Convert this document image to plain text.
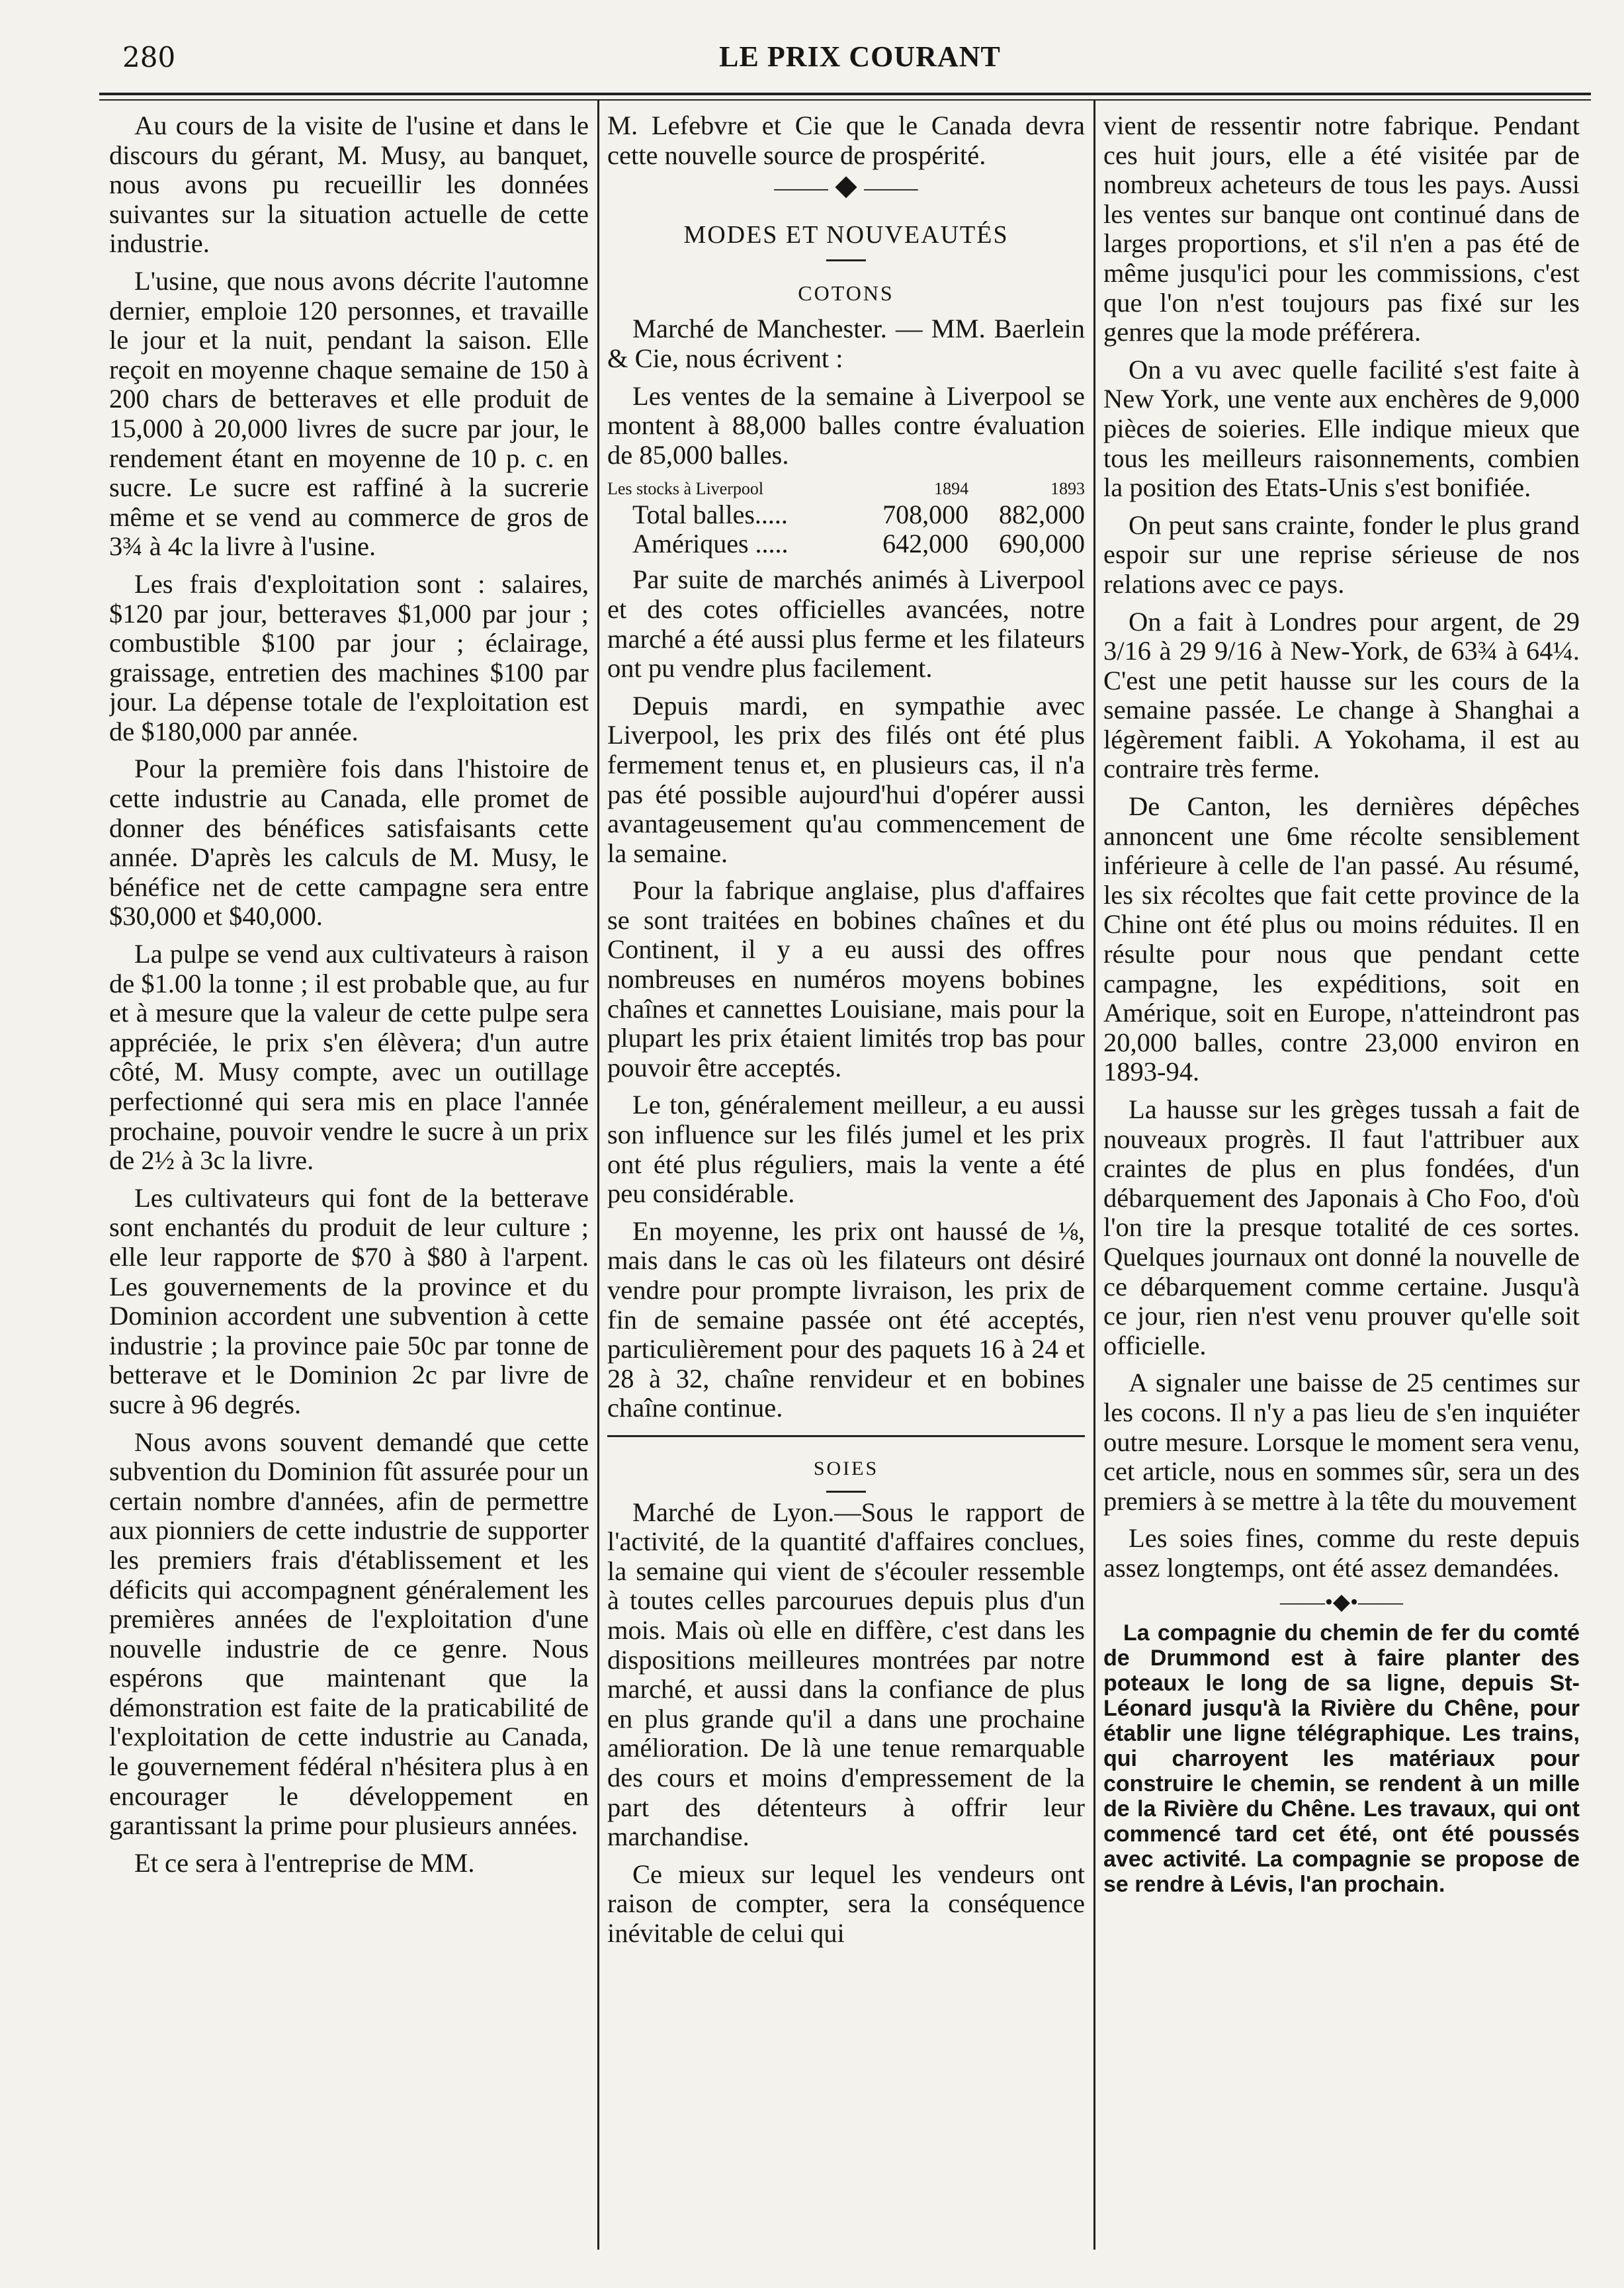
280	LE PRIX COURANT

Au cours de la visite de l'usine et dans le discours du gérant, M. Musy, au banquet, nous avons pu recueillir les données suivantes sur la situation actuelle de cette industrie.

L'usine, que nous avons décrite l'automne dernier, emploie 120 personnes, et travaille le jour et la nuit, pendant la saison. Elle reçoit en moyenne chaque semaine de 150 à 200 chars de betteraves et elle produit de 15,000 à 20,000 livres de sucre par jour, le rendement étant en moyenne de 10 p. c. en sucre. Le sucre est raffiné à la sucrerie même et se vend au commerce de gros de 3¾ à 4c la livre à l'usine.

Les frais d'exploitation sont : salaires, $120 par jour, betteraves $1,000 par jour ; combustible $100 par jour ; éclairage, graissage, entretien des machines $100 par jour. La dépense totale de l'exploitation est de $180,000 par année.

Pour la première fois dans l'histoire de cette industrie au Canada, elle promet de donner des bénéfices satisfaisants cette année. D'après les calculs de M. Musy, le bénéfice net de cette campagne sera entre $30,000 et $40,000.

La pulpe se vend aux cultivateurs à raison de $1.00 la tonne ; il est probable que, au fur et à mesure que la valeur de cette pulpe sera appréciée, le prix s'en élèvera; d'un autre côté, M. Musy compte, avec un outillage perfectionné qui sera mis en place l'année prochaine, pouvoir vendre le sucre à un prix de 2½ à 3c la livre.

Les cultivateurs qui font de la betterave sont enchantés du produit de leur culture ; elle leur rapporte de $70 à $80 à l'arpent. Les gouvernements de la province et du Dominion accordent une subvention à cette industrie ; la province paie 50c par tonne de betterave et le Dominion 2c par livre de sucre à 96 degrés.

Nous avons souvent demandé que cette subvention du Dominion fût assurée pour un certain nombre d'années, afin de permettre aux pionniers de cette industrie de supporter les premiers frais d'établissement et les déficits qui accompagnent généralement les premières années de l'exploitation d'une nouvelle industrie de ce genre. Nous espérons que maintenant que la démonstration est faite de la praticabilité de l'exploitation de cette industrie au Canada, le gouvernement fédéral n'hésitera plus à en encourager le développement en garantissant la prime pour plusieurs années.

Et ce sera à l'entreprise de MM.

M. Lefebvre et Cie que le Canada devra cette nouvelle source de prospérité.

⸻ ◆ ⸻
MODES ET NOUVEAUTÉS
COTONS

Marché de Manchester. — MM. Baerlein & Cie, nous écrivent :

Les ventes de la semaine à Liverpool se montent à 88,000 balles contre évaluation de 85,000 balles.

Les stocks à Liverpool	1894	1893
Total balles.....	708,000	882,000
Amériques .....	642,000	690,000

Par suite de marchés animés à Liverpool et des cotes officielles avancées, notre marché a été aussi plus ferme et les filateurs ont pu vendre plus facilement.

Depuis mardi, en sympathie avec Liverpool, les prix des filés ont été plus fermement tenus et, en plusieurs cas, il n'a pas été possible aujourd'hui d'opérer aussi avantageusement qu'au commencement de la semaine.

Pour la fabrique anglaise, plus d'affaires se sont traitées en bobines chaînes et du Continent, il y a eu aussi des offres nombreuses en numéros moyens bobines chaînes et cannettes Louisiane, mais pour la plupart les prix étaient limités trop bas pour pouvoir être acceptés.

Le ton, généralement meilleur, a eu aussi son influence sur les filés jumel et les prix ont été plus réguliers, mais la vente a été peu considérable.

En moyenne, les prix ont haussé de ⅛, mais dans le cas où les filateurs ont désiré vendre pour prompte livraison, les prix de fin de semaine passée ont été acceptés, particulièrement pour des paquets 16 à 24 et 28 à 32, chaîne renvideur et en bobines chaîne continue.

SOIES

Marché de Lyon.—Sous le rapport de l'activité, de la quantité d'affaires conclues, la semaine qui vient de s'écouler ressemble à toutes celles parcourues depuis plus d'un mois. Mais où elle en diffère, c'est dans les dispositions meilleures montrées par notre marché, et aussi dans la confiance de plus en plus grande qu'il a dans une prochaine amélioration. De là une tenue remarquable des cours et moins d'empressement de la part des détenteurs à offrir leur marchandise.

Ce mieux sur lequel les vendeurs ont raison de compter, sera la conséquence inévitable de celui qui

vient de ressentir notre fabrique. Pendant ces huit jours, elle a été visitée par de nombreux acheteurs de tous les pays. Aussi les ventes sur banque ont continué dans de larges proportions, et s'il n'en a pas été de même jusqu'ici pour les commissions, c'est que l'on n'est toujours pas fixé sur les genres que la mode préférera.

On a vu avec quelle facilité s'est faite à New York, une vente aux enchères de 9,000 pièces de soieries. Elle indique mieux que tous les meilleurs raisonnements, combien la position des Etats-Unis s'est bonifiée.

On peut sans crainte, fonder le plus grand espoir sur une reprise sérieuse de nos relations avec ce pays.

On a fait à Londres pour argent, de 29 3/16 à 29 9/16 à New-York, de 63¾ à 64¼. C'est une petit hausse sur les cours de la semaine passée. Le change à Shanghai a légèrement faibli. A Yokohama, il est au contraire très ferme.

De Canton, les dernières dépêches annoncent une 6me récolte sensiblement inférieure à celle de l'an passé. Au résumé, les six récoltes que fait cette province de la Chine ont été plus ou moins réduites. Il en résulte pour nous que pendant cette campagne, les expéditions, soit en Amérique, soit en Europe, n'atteindront pas 20,000 balles, contre 23,000 environ en 1893-94.

La hausse sur les grèges tussah a fait de nouveaux progrès. Il faut l'attribuer aux craintes de plus en plus fondées, d'un débarquement des Japonais à Cho Foo, d'où l'on tire la presque totalité de ces sortes. Quelques journaux ont donné la nouvelle de ce débarquement comme certaine. Jusqu'à ce jour, rien n'est venu prouver qu'elle soit officielle.

A signaler une baisse de 25 centimes sur les cocons. Il n'y a pas lieu de s'en inquiéter outre mesure. Lorsque le moment sera venu, cet article, nous en sommes sûr, sera un des premiers à se mettre à la tête du mouvement

Les soies fines, comme du reste depuis assez longtemps, ont été assez demandées.

——•◆•——

La compagnie du chemin de fer du comté de Drummond est à faire planter des poteaux le long de sa ligne, depuis St-Léonard jusqu'à la Rivière du Chêne, pour établir une ligne télégraphique. Les trains, qui charroyent les matériaux pour construire le chemin, se rendent à un mille de la Rivière du Chêne. Les travaux, qui ont commencé tard cet été, ont été poussés avec activité. La compagnie se propose de se rendre à Lévis, l'an prochain.
